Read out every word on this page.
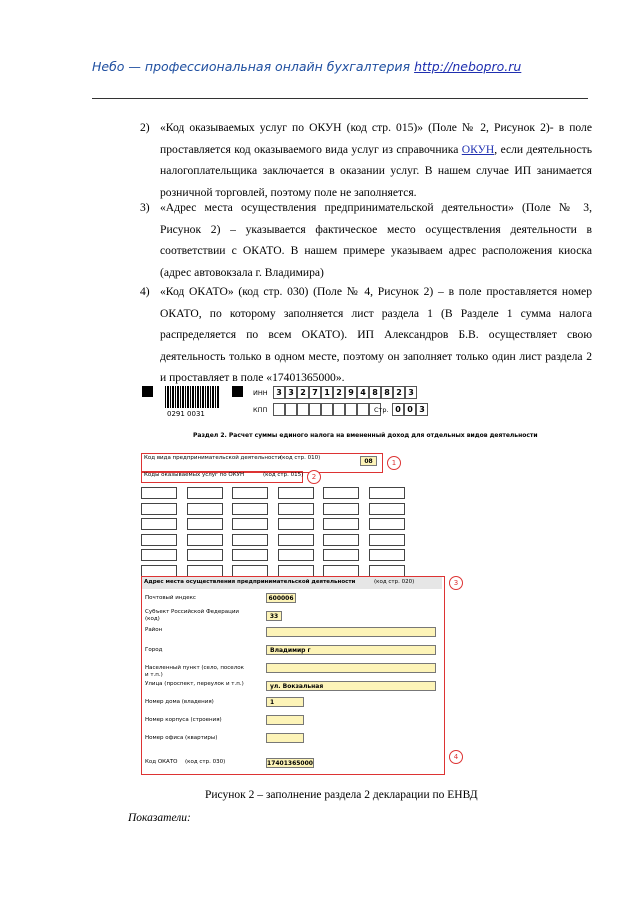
Небо — профессиональная онлайн бухгалтерия http://nebopro.ru
2) «Код оказываемых услуг по ОКУН (код стр. 015)» (Поле № 2, Рисунок 2)- в поле проставляется код оказываемого вида услуг из справочника ОКУН, если деятельность налогоплательщика заключается в оказании услуг. В нашем случае ИП занимается розничной торговлей, поэтому поле не заполняется.
3) «Адрес места осуществления предпринимательской деятельности» (Поле № 3, Рисунок 2) – указывается фактическое место осуществления деятельности в соответствии с ОКАТО. В нашем примере указываем адрес расположения киоска (адрес автовокзала г. Владимира)
4) «Код ОКАТО» (код стр. 030) (Поле № 4, Рисунок 2) – в поле проставляется номер ОКАТО, по которому заполняется лист раздела 1 (В Разделе 1 сумма налога распределяется по всем ОКАТО). ИП Александров Б.В. осуществляет свою деятельность только в одном месте, поэтому он заполняет только один лист раздела 2 и проставляет в поле «17401365000».
0291 0031
ИНН	3 3 2 7 1 2 9 4 8 8 2 3
КПП	Стр. 0 0 3
Раздел 2. Расчет суммы единого налога на вмененный доход для отдельных видов деятельности
Код вида предпринимательской деятельности
(код стр. 010)	08	1
Коды оказываемых услуг по ОКУН	(код стр. 015)	2
Адрес места осуществления предпринимательской деятельности	(код стр. 020)	3
Почтовый индекс	600006
Субъект Российской Федерации (код)	33
Район
Город	Владимир г
Населенный пункт (село, поселок и т.п.)
Улица (проспект, переулок и т.п.)	ул. Вокзальная
Номер дома (владения)	1
Номер корпуса (строения)
Номер офиса (квартиры)
Код ОКАТО (код стр. 030)	17401365000
4
Рисунок 2 – заполнение раздела 2 декларации по ЕНВД
Показатели:
